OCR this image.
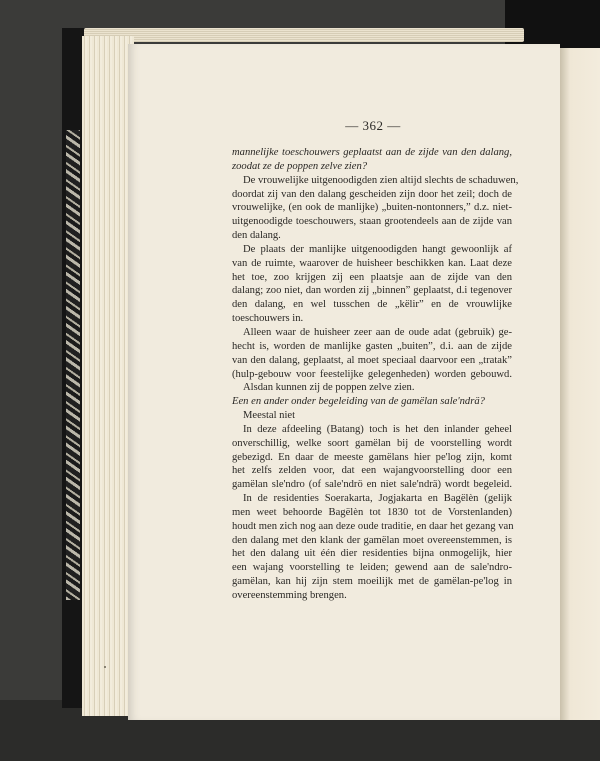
— 362 —
mannelijke toeschouwers geplaatst aan de zijde van den dalang,
zoodat ze de poppen zelve zien?
De vrouwelijke uitgenoodigden zien altijd slechts de schaduwen,
doordat zij van den dalang gescheiden zijn door het zeil; doch de
vrouwelijke, (en ook de manlijke) „buiten-nontonners,” d.z. niet-
uitgenoodigde toeschouwers, staan grootendeels aan de zijde van
den dalang.
De plaats der manlijke uitgenoodigden hangt gewoonlijk af
van de ruimte, waarover de huisheer beschikken kan. Laat deze
het toe, zoo krijgen zij een plaatsje aan de zijde van den
dalang; zoo niet, dan worden zij „binnen” geplaatst, d.i tegenover
den dalang, en wel tusschen de „këlir” en de vrouwlijke
toeschouwers in.
Alleen waar de huisheer zeer aan de oude adat (gebruik) ge-
hecht is, worden de manlijke gasten „buiten”, d.i. aan de zijde
van den dalang, geplaatst, al moet speciaal daarvoor een „tratak”
(hulp-gebouw voor feestelijke gelegenheden) worden gebouwd.
Alsdan kunnen zij de poppen zelve zien.
Een en ander onder begeleiding van de gamëlan sale'ndrä?
Meestal niet
In deze afdeeling (Batang) toch is het den inlander geheel
onverschillig, welke soort gamëlan bij de voorstelling wordt
gebezigd. En daar de meeste gamëlans hier pe'log zijn, komt
het zelfs zelden voor, dat een wajangvoorstelling door een
gamëlan sle'ndro (of sale'ndrö en niet sale'ndrä) wordt begeleid.
In de residenties Soerakarta, Jogjakarta en Bagëlèn (gelijk
men weet behoorde Bagëlèn tot 1830 tot de Vorstenlanden)
houdt men zich nog aan deze oude traditie, en daar het gezang van
den dalang met den klank der gamëlan moet overeenstemmen, is
het den dalang uit één dier residenties bijna onmogelijk, hier
een wajang voorstelling te leiden; gewend aan de sale'ndro-
gamëlan, kan hij zijn stem moeilijk met de gamëlan-pe'log in
overeenstemming brengen.
